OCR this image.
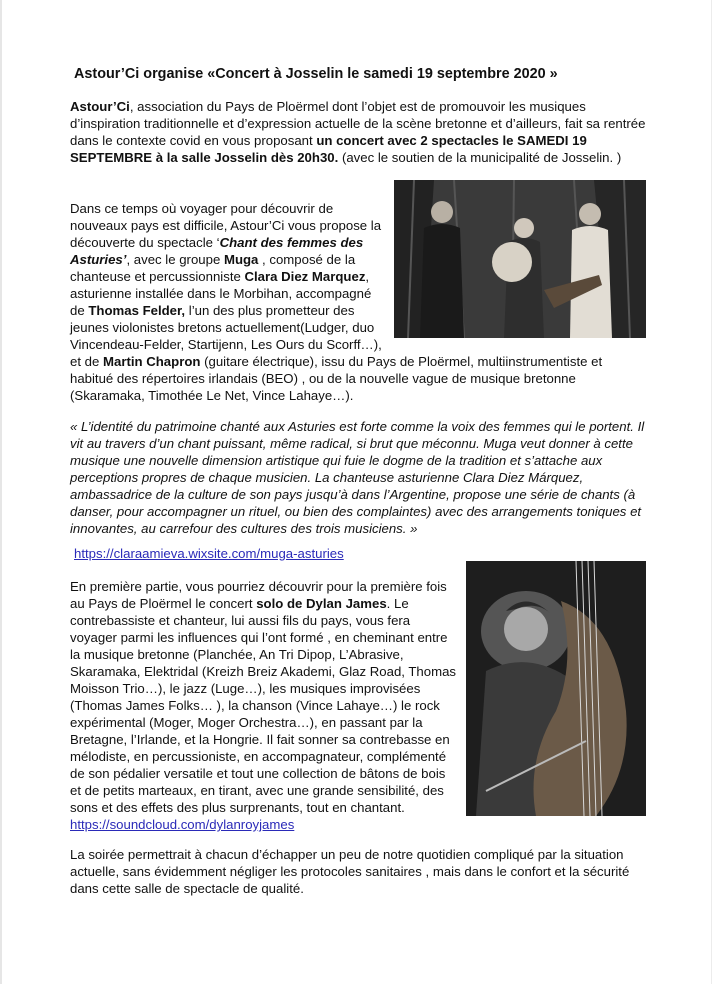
Astour’Ci organise «Concert à Josselin le samedi 19 septembre 2020 »

Astour’Ci, association du Pays de Ploërmel dont l’objet est de promouvoir les musiques d’inspiration traditionnelle et d’expression actuelle de la scène bretonne et d’ailleurs, fait sa rentrée dans le contexte covid en vous proposant un concert avec 2 spectacles le SAMEDI 19 SEPTEMBRE à la salle Josselin dès 20h30. (avec le soutien de la municipalité de Josselin. )

Dans ce temps où voyager pour découvrir de nouveaux pays est difficile, Astour’Ci vous propose la découverte du spectacle ‘Chant des femmes des Asturies’, avec le groupe Muga , composé de la chanteuse et percussionniste Clara Diez Marquez, asturienne installée dans le Morbihan, accompagné de Thomas Felder, l’un des plus prometteur des jeunes violonistes bretons actuellement(Ludger, duo Vincendeau-Felder, Startijenn, Les Ours du Scorff…), et de Martin Chapron (guitare électrique), issu du Pays de Ploërmel, multiinstrumentiste et habitué des répertoires irlandais (BEO) , ou de la nouvelle vague de musique bretonne (Skaramaka, Timothée Le Net, Vince Lahaye…).

« L’identité du patrimoine chanté aux Asturies est forte comme la voix des femmes qui le portent. Il vit au travers d’un chant puissant, même radical, si brut que méconnu. Muga veut donner à cette musique une nouvelle dimension artistique qui fuie le dogme de la tradition et s’attache aux perceptions propres de chaque musicien. La chanteuse asturienne Clara Diez Márquez, ambassadrice de la culture de son pays jusqu’à dans l’Argentine, propose une série de chants (à danser, pour accompagner un rituel, ou bien des complaintes) avec des arrangements toniques et innovantes, au carrefour des cultures des trois musiciens. »

https://claraamieva.wixsite.com/muga-asturies

En première partie, vous pourriez découvrir pour la première fois au Pays de Ploërmel le concert solo de Dylan James. Le contrebassiste et chanteur, lui aussi fils du pays, vous fera voyager parmi les influences qui l’ont formé , en cheminant entre la musique bretonne (Planchée, An Tri Dipop, L’Abrasive, Skaramaka, Elektridal (Kreizh Breiz Akademi, Glaz Road, Thomas Moisson Trio…), le jazz (Luge…), les musiques improvisées (Thomas James Folks… ), la chanson (Vince Lahaye…) le rock expérimental (Moger, Moger Orchestra…), en passant par la Bretagne, l’Irlande, et la Hongrie. Il fait sonner sa contrebasse en mélodiste, en percussioniste, en accompagnateur, complémenté de son pédalier versatile et tout une collection de bâtons de bois et de petits marteaux, en tirant, avec une grande sensibilité, des sons et des effets des plus surprenants, tout en chantant.
https://soundcloud.com/dylanroyjames

La soirée permettrait à chacun d’échapper un peu de notre quotidien compliqué par la situation actuelle, sans évidemment négliger les protocoles sanitaires , mais dans le confort et la sécurité dans cette salle de spectacle de qualité.
